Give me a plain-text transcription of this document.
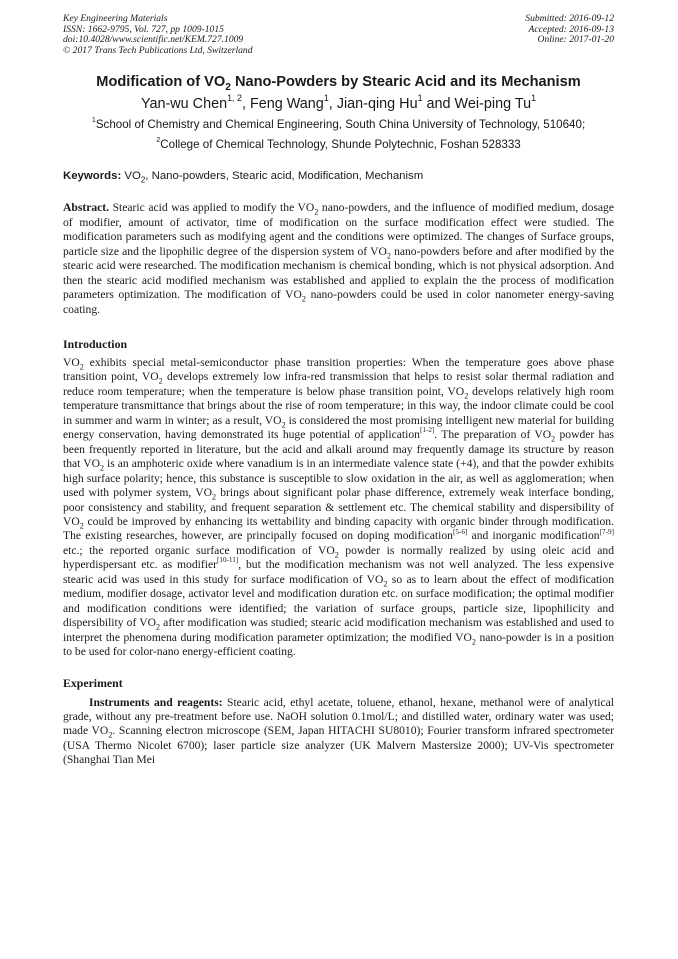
Key Engineering Materials
ISSN: 1662-9795, Vol. 727, pp 1009-1015
doi:10.4028/www.scientific.net/KEM.727.1009
© 2017 Trans Tech Publications Ltd, Switzerland
Submitted: 2016-09-12
Accepted: 2016-09-13
Online: 2017-01-20
Modification of $VO_2$ Nano-Powders by Stearic Acid and its Mechanism
Yan-wu Chen$^{1, 2}$, Feng Wang$^1$, Jian-qing Hu$^1$ and Wei-ping Tu$^1$
$^1$School of Chemistry and Chemical Engineering, South China University of Technology, 510640;
$^2$College of Chemical Technology, Shunde Polytechnic, Foshan 528333
Keywords: $VO_2$, Nano-powders, Stearic acid, Modification, Mechanism
Abstract. Stearic acid was applied to modify the $VO_2$ nano-powders, and the influence of modified medium, dosage of modifier, amount of activator, time of modification on the surface modification effect were studied. The modification parameters such as modifying agent and the conditions were optimized. The changes of Surface groups, particle size and the lipophilic degree of the dispersion system of $VO_2$ nano-powders before and after modified by the stearic acid were researched. The modification mechanism is chemical bonding, which is not physical adsorption. And then the stearic acid modified mechanism was established and applied to explain the the process of modification parameters optimization. The modification of $VO_2$ nano-powders could be used in color nanometer energy-saving coating.
Introduction
$VO_2$ exhibits special metal-semiconductor phase transition properties: When the temperature goes above phase transition point, $VO_2$ develops extremely low infra-red transmission that helps to resist solar thermal radiation and reduce room temperature; when the temperature is below phase transition point, $VO_2$ develops relatively high room temperature transmittance that brings about the rise of room temperature; in this way, the indoor climate could be cool in summer and warm in winter; as a result, $VO_2$ is considered the most promising intelligent new material for building energy conservation, having demonstrated its huge potential of application[1-2]. The preparation of $VO_2$ powder has been frequently reported in literature, but the acid and alkali around may frequently damage its structure by reason that $VO_2$ is an amphoteric oxide where vanadium is in an intermediate valence state (+4), and that the powder exhibits high surface polarity; hence, this substance is susceptible to slow oxidation in the air, as well as agglomeration; when used with polymer system, $VO_2$ brings about significant polar phase difference, extremely weak interface bonding, poor consistency and stability, and frequent separation & settlement etc. The chemical stability and dispersibility of $VO_2$ could be improved by enhancing its wettability and binding capacity with organic binder through modification. The existing researches, however, are principally focused on doping modification[5-6] and inorganic modification[7-9] etc.; the reported organic surface modification of $VO_2$ powder is normally realized by using oleic acid and hyperdispersant etc. as modifier[10-11], but the modification mechanism was not well analyzed. The less expensive stearic acid was used in this study for surface modification of $VO_2$ so as to learn about the effect of modification medium, modifier dosage, activator level and modification duration etc. on surface modification; the optimal modifier and modification conditions were identified; the variation of surface groups, particle size, lipophilicity and dispersibility of $VO_2$ after modification was studied; stearic acid modification mechanism was established and used to interpret the phenomena during modification parameter optimization; the modified $VO_2$ nano-powder is in a position to be used for color-nano energy-efficient coating.
Experiment
Instruments and reagents: Stearic acid, ethyl acetate, toluene, ethanol, hexane, methanol were of analytical grade, without any pre-treatment before use. NaOH solution 0.1mol/L; and distilled water, ordinary water was used; made $VO_2$. Scanning electron microscope (SEM, Japan HITACHI SU8010); Fourier transform infrared spectrometer (USA Thermo Nicolet 6700); laser particle size analyzer (UK Malvern Mastersize 2000); UV-Vis spectrometer (Shanghai Tian Mei
